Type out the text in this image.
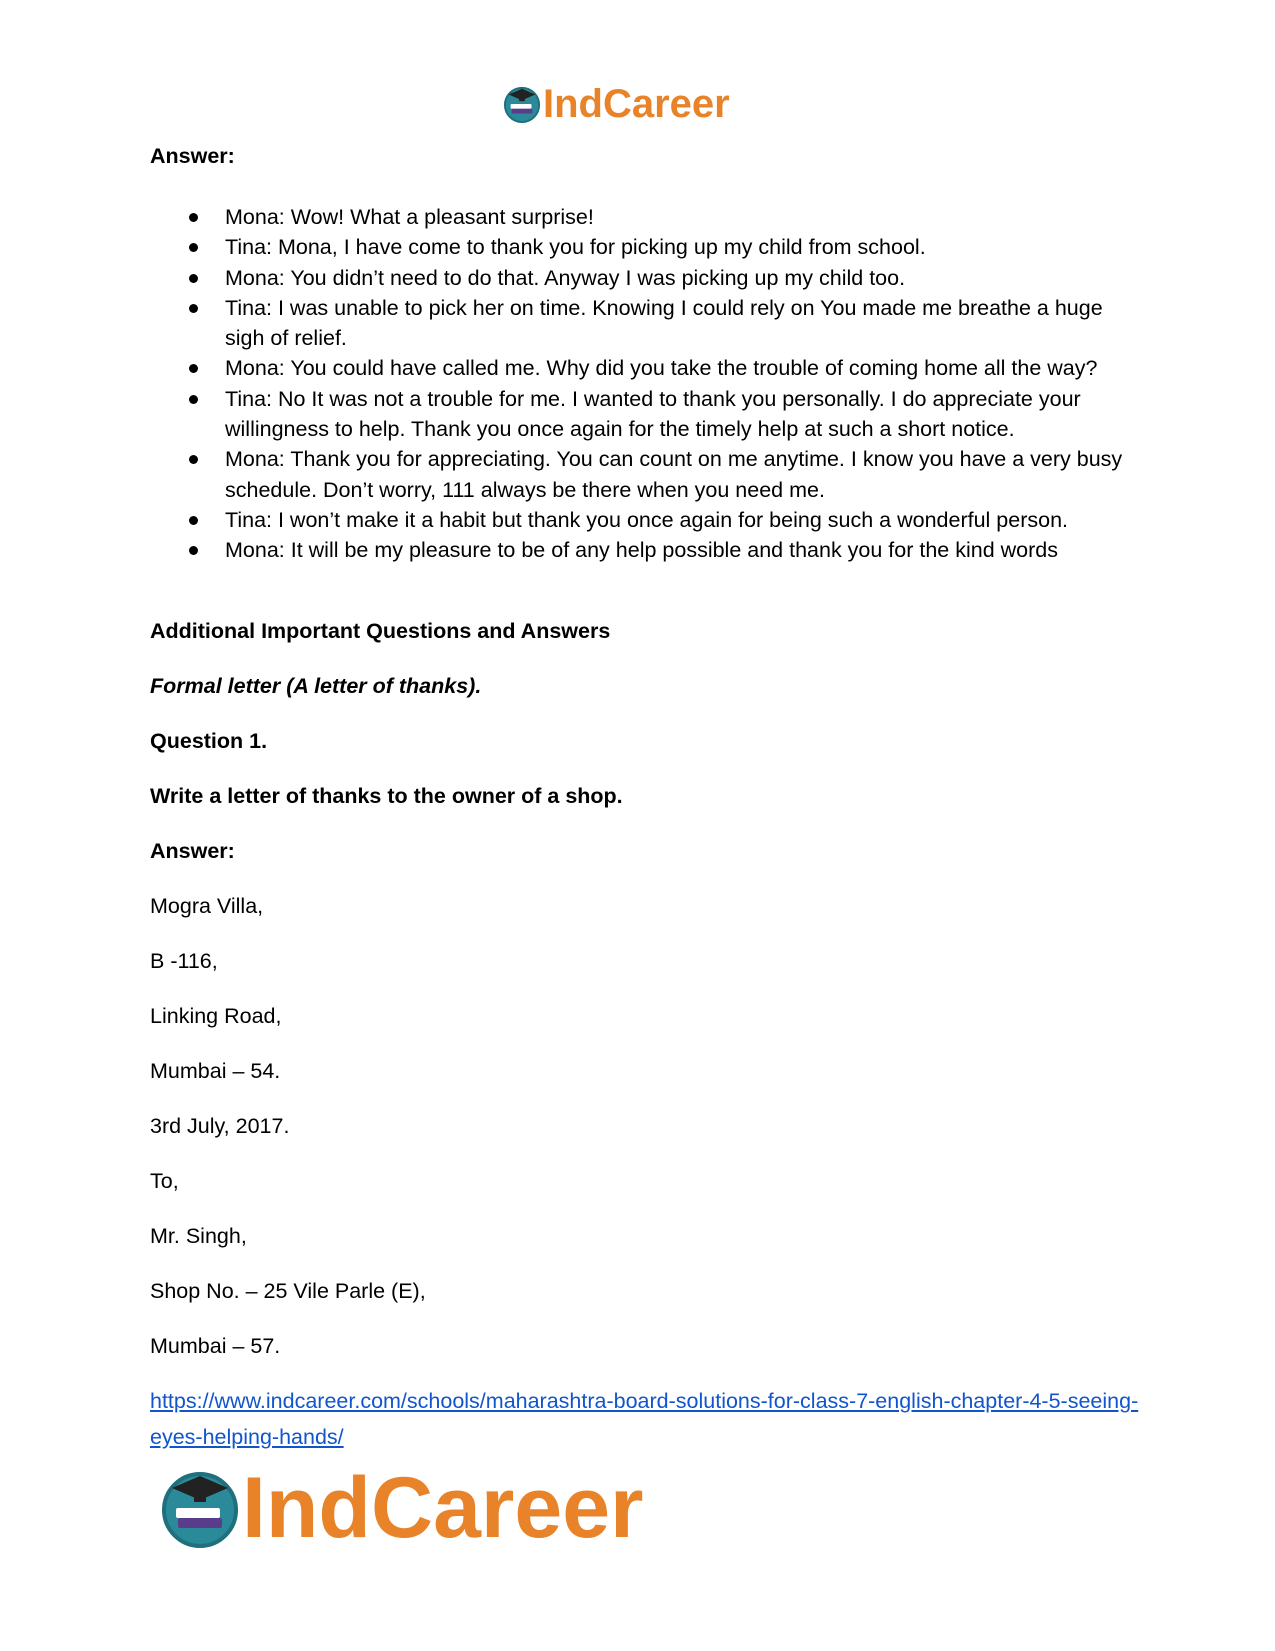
IndCareer
Answer:
Mona: Wow! What a pleasant surprise!
Tina: Mona, I have come to thank you for picking up my child from school.
Mona: You didn’t need to do that. Anyway I was picking up my child too.
Tina: I was unable to pick her on time. Knowing I could rely on You made me breathe a huge sigh of relief.
Mona: You could have called me. Why did you take the trouble of coming home all the way?
Tina: No It was not a trouble for me. I wanted to thank you personally. I do appreciate your willingness to help. Thank you once again for the timely help at such a short notice.
Mona: Thank you for appreciating. You can count on me anytime. I know you have a very busy schedule. Don’t worry, 111 always be there when you need me.
Tina: I won’t make it a habit but thank you once again for being such a wonderful person.
Mona: It will be my pleasure to be of any help possible and thank you for the kind words
Additional Important Questions and Answers
Formal letter (A letter of thanks).
Question 1.
Write a letter of thanks to the owner of a shop.
Answer:
Mogra Villa,
B -116,
Linking Road,
Mumbai – 54.
3rd July, 2017.
To,
Mr. Singh,
Shop No. – 25 Vile Parle (E),
Mumbai – 57.
https://www.indcareer.com/schools/maharashtra-board-solutions-for-class-7-english-chapter-4-5-seeing-eyes-helping-hands/
IndCareer
